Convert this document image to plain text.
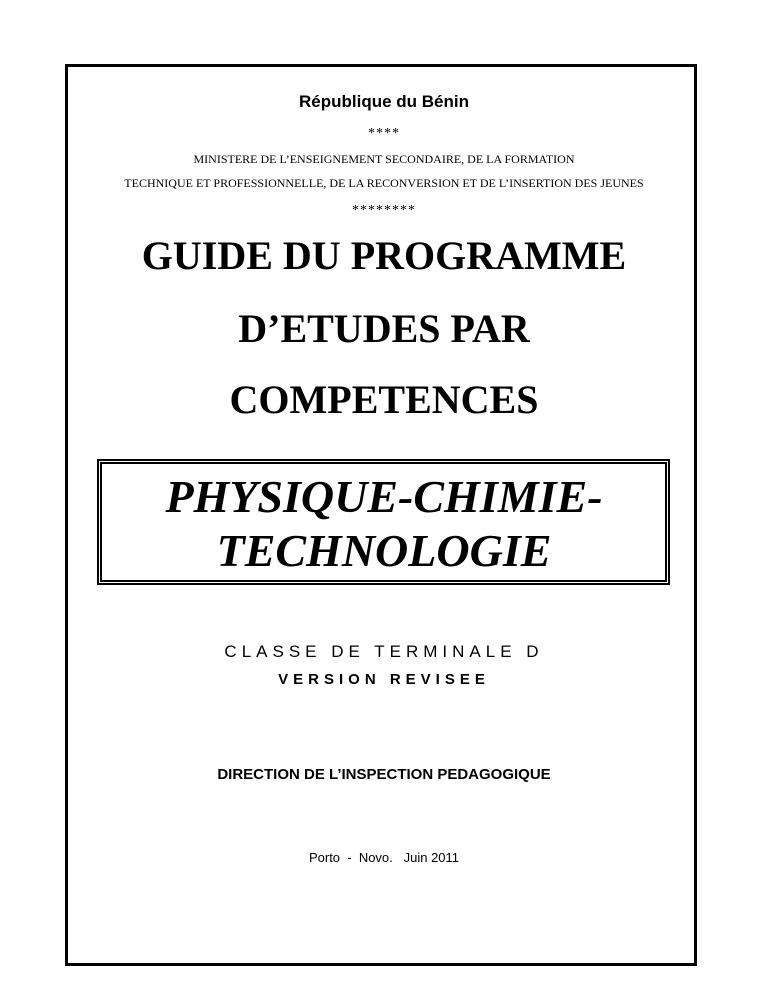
République du Bénin
****
MINISTERE DE L’ENSEIGNEMENT SECONDAIRE, DE LA FORMATION
TECHNIQUE ET PROFESSIONNELLE, DE LA RECONVERSION ET DE L’INSERTION DES JEUNES
********
GUIDE DU PROGRAMME
D’ETUDES PAR
COMPETENCES
PHYSIQUE-CHIMIE-
TECHNOLOGIE
CLASSE DE TERMINALE D
VERSION REVISEE
DIRECTION DE L’INSPECTION PEDAGOGIQUE
Porto  -  Novo.   Juin 2011
